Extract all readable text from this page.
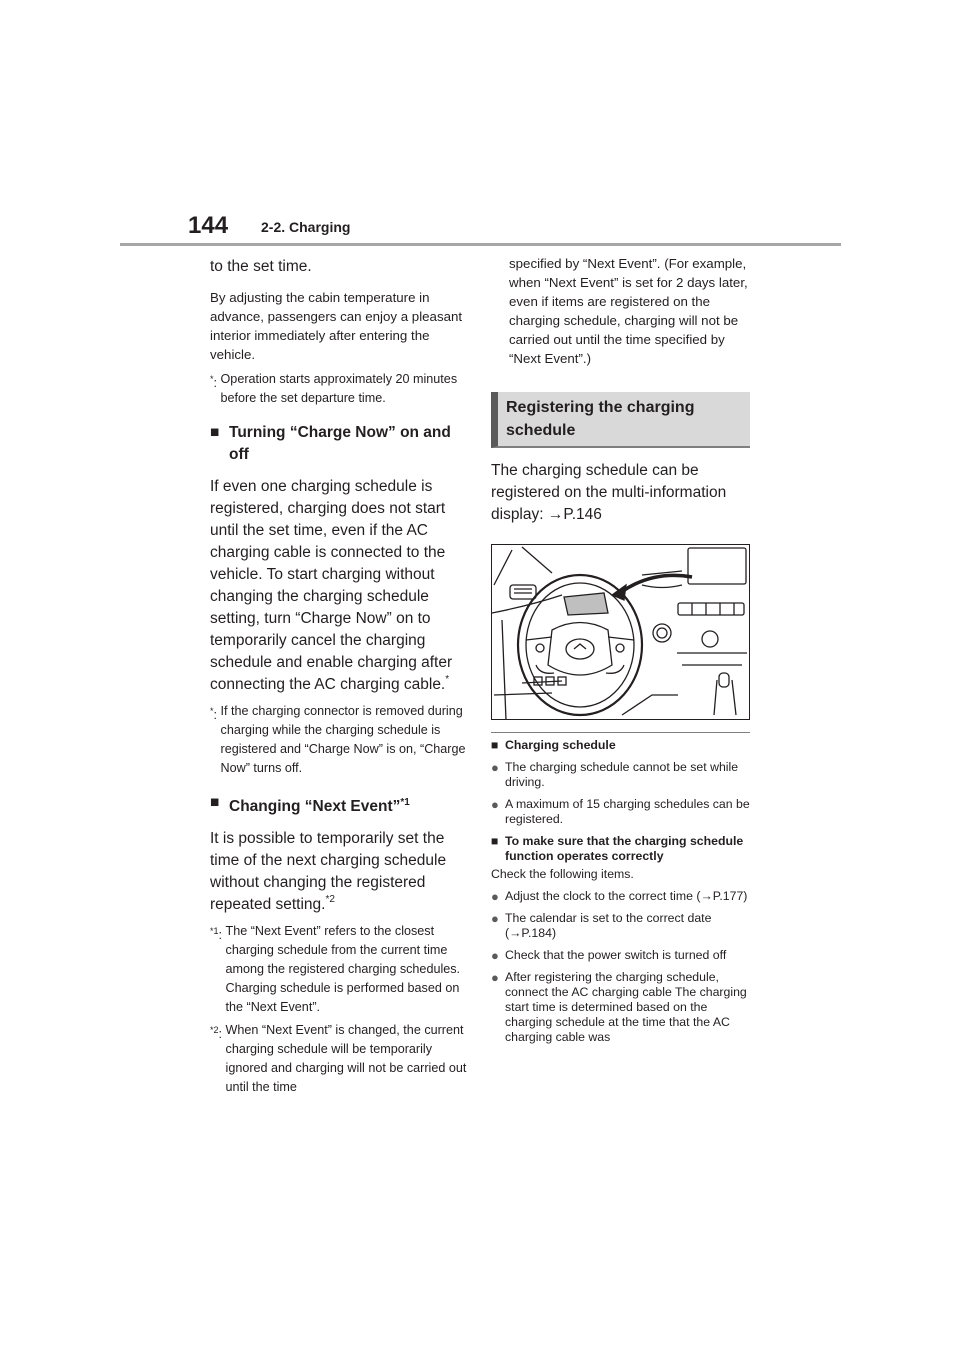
144 2-2. Charging

to the set time.

By adjusting the cabin temperature in advance, passengers can enjoy a pleasant interior immediately after entering the vehicle.

*: Operation starts approximately 20 minutes before the set departure time.
■ Turning “Charge Now” on and off

If even one charging schedule is registered, charging does not start until the set time, even if the AC charging cable is connected to the vehicle. To start charging without changing the charging schedule setting, turn “Charge Now” on to temporarily cancel the charging schedule and enable charging after connecting the AC charging cable.*

*: If the charging connector is removed during charging while the charging schedule is registered and “Charge Now” is on, “Charge Now” turns off.
■ Changing “Next Event”$^{*1}$

It is possible to temporarily set the time of the next charging schedule without changing the registered repeated setting.$^{*2}$

$^{*1}$: The “Next Event” refers to the closest charging schedule from the current time among the registered charging schedules. Charging schedule is performed based on the “Next Event”.
$^{*2}$: When “Next Event” is changed, the current charging schedule will be temporarily ignored and charging will not be carried out until the time

specified by “Next Event”. (For example, when “Next Event” is set for 2 days later, even if items are registered on the charging schedule, charging will not be carried out until the time specified by “Next Event”.)

Registering the charging schedule

The charging schedule can be registered on the multi-information display: →P.146

■ Charging schedule
● The charging schedule cannot be set while driving.
● A maximum of 15 charging schedules can be registered.
■ To make sure that the charging schedule function operates correctly

Check the following items.

● Adjust the clock to the correct time (→P.177)
● The calendar is set to the correct date (→P.184)
● Check that the power switch is turned off
● After registering the charging schedule, connect the AC charging cable The charging start time is determined based on the charging schedule at the time that the AC charging cable was
